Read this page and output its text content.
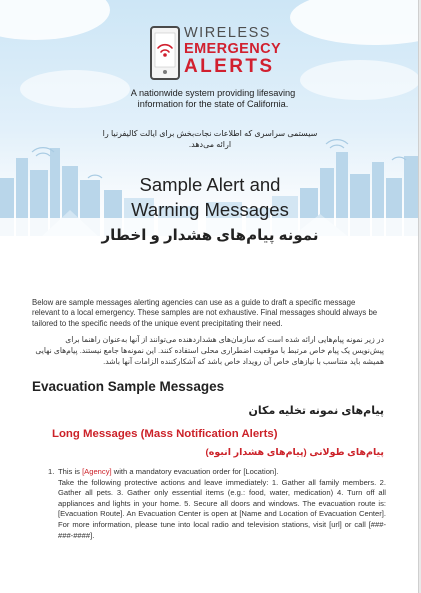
WIRELESS
EMERGENCY
ALERTS
A nationwide system providing lifesaving information for the state of California.
سیستمی سراسری که اطلاعات نجات‌بخش برای ایالت کالیفرنیا را ارائه می‌دهد.
Sample Alert and
Warning Messages
نمونه پیام‌های هشدار و اخطار
Below are sample messages alerting agencies can use as a guide to draft a specific message relevant to a local emergency. These samples are not exhaustive. Final messages should always be tailored to the specific needs of the unique event precipitating their need.
در زیر نمونه پیام‌هایی ارائه شده است که سازمان‌های هشداردهنده می‌توانند از آنها به‌عنوان راهنما برای پیش‌نویس یک پیام خاص مرتبط با موقعیت اضطراری محلی استفاده کنند. این نمونه‌ها جامع نیستند. پیام‌های نهایی همیشه باید متناسب با نیازهای خاص آن رویداد خاص باشد که آشکارکننده الزامات آنها باشد.
Evacuation Sample Messages
پیام‌های نمونه تخلیه مکان
Long Messages (Mass Notification Alerts)
پیام‌های طولانی (پیام‌های هشدار انبوه)
1. This is [Agency] with a mandatory evacuation order for [Location].

Take the following protective actions and leave immediately: 1. Gather all family members. 2. Gather all pets. 3. Gather only essential items (e.g.: food, water, medication) 4. Turn off all appliances and lights in your home. 5. Secure all doors and windows. The evacuation route is: [Evacuation Route]. An Evacuation Center is open at [Name and Location of Evacuation Center]. For more information, please tune into local radio and television stations, visit [url] or call [###-###-####].
